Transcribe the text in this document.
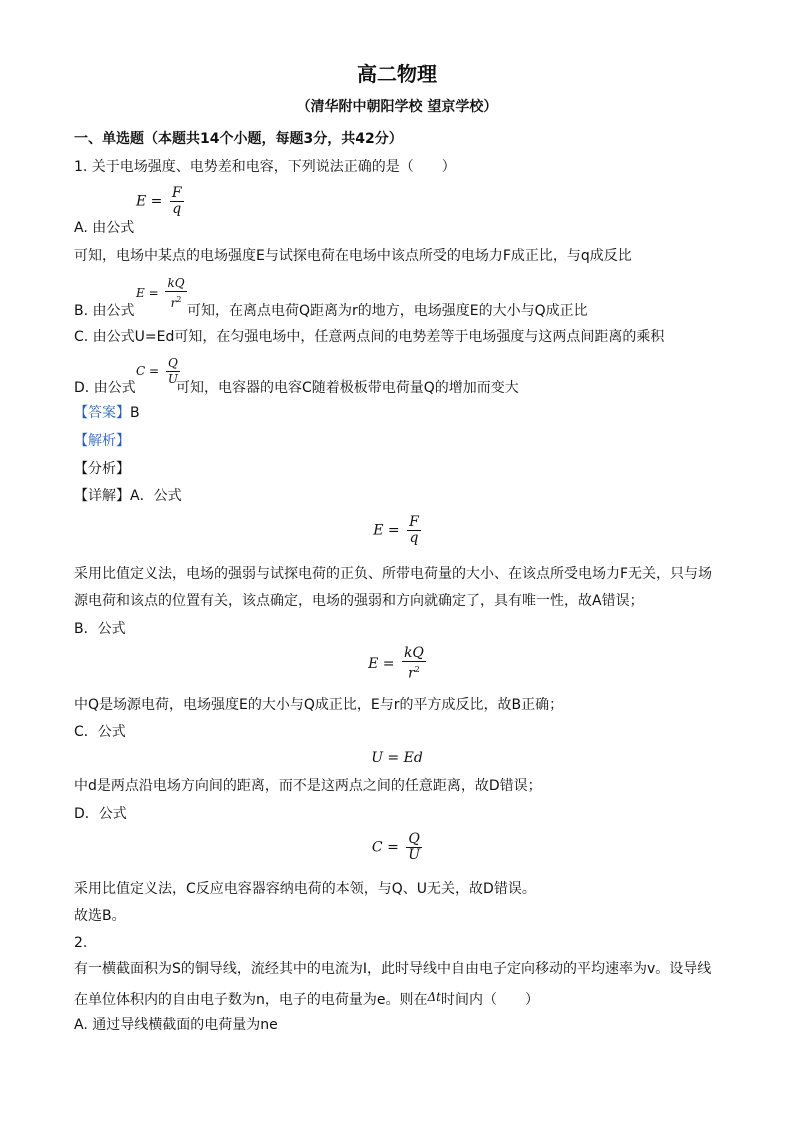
高二物理
（清华附中朝阳学校 望京学校）
一、单选题（本题共14个小题，每题3分，共42分）
1. 关于电场强度、电势差和电容，下列说法正确的是（　　）
$E = \frac{F}{q}$
A. 由公式
可知，电场中某点的电场强度E与试探电荷在电场中该点所受的电场力F成正比，与q成反比
B. 由公式
$E = \frac{kQ}{r^2}$ 可知，在离点电荷Q距离为r的地方，电场强度E的大小与Q成正比
C. 由公式U=Ed可知，在匀强电场中，任意两点间的电势差等于电场强度与这两点间距离的乘积
$C = \frac{Q}{U}$
D. 由公式	可知，电容器的电容C随着极板带电荷量Q的增加而变大
【答案】B
【解析】
【分析】
【详解】A．公式
$E = \frac{F}{q}$
采用比值定义法，电场的强弱与试探电荷的正负、所带电荷量的大小、在该点所受电场力F无关，只与场
源电荷和该点的位置有关，该点确定，电场的强弱和方向就确定了，具有唯一性，故A错误；
B．公式
$E = \frac{kQ}{r^2}$
中Q是场源电荷，电场强度E的大小与Q成正比，E与r的平方成反比，故B正确；
C．公式
U = Ed
中d是两点沿电场方向间的距离，而不是这两点之间的任意距离，故D错误；
D．公式
$C = \frac{Q}{U}$
采用比值定义法，C反应电容器容纳电荷的本领，与Q、U无关，故D错误。
故选B。
2.
有一横截面积为S的铜导线，流经其中的电流为I，此时导线中自由电子定向移动的平均速率为v。设导线
在单位体积内的自由电子数为n，电子的电荷量为e。则在Δt时间内（　　）
A. 通过导线横截面的电荷量为ne
